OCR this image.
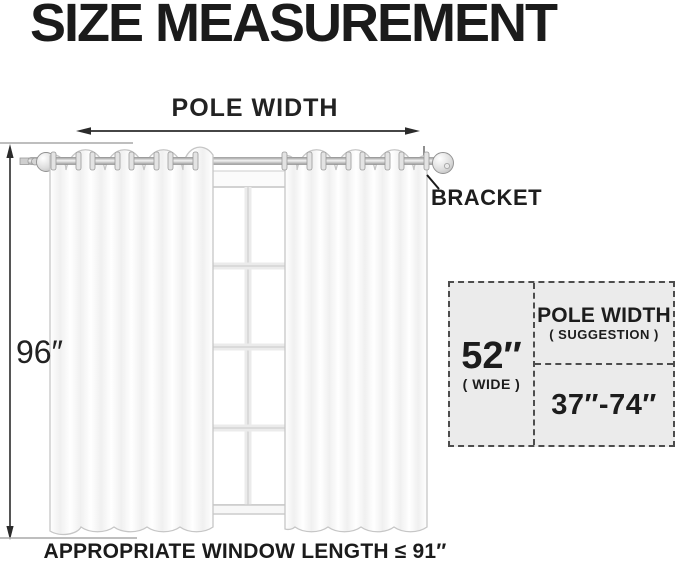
SIZE MEASUREMENT
POLE WIDTH
BRACKET
96″
APPROPRIATE WINDOW LENGTH ≤ 91″
52″
( WIDE )
POLE WIDTH
( SUGGESTION )
37″-74″
